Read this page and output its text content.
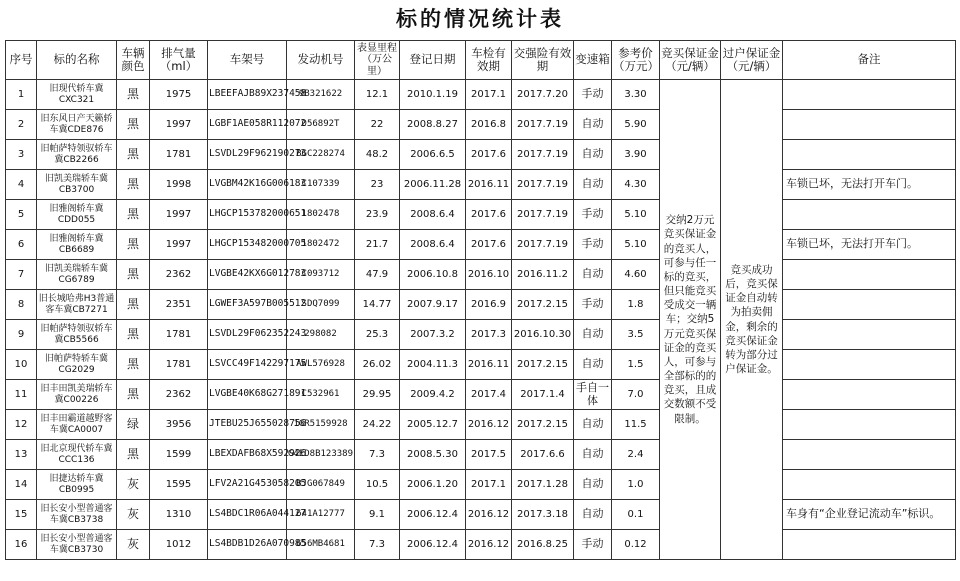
标的情况统计表
序号	标的名称	车辆颜色	排气量（ml）	车架号	发动机号	表显里程（万公里）	登记日期	车检有效期	交强险有效期	变速箱	参考价（万元）	竞买保证金（元/辆）	过户保证金（元/辆）	备注
1	旧现代轿车冀CXC321	黑	1975	LBEEFAJB89X237458	9B321622	12.1	2010.1.19	2017.1	2017.7.20	手动	3.30	交纳2万元竞买保证金的竞买人，可参与任一标的竞买，但只能竞买受成交一辆车；交纳5万元竞买保证金的竞买人，可参与全部标的的竞买，且成交数额不受限制。	竞买成功后，竞买保证金自动转为拍卖佣金，剩余的竞买保证金转为部分过户保证金。	
2	旧东风日产天籁轿车冀CDE876	黑	1997	LGBF1AE058R112072	056892T	22	2008.8.27	2016.8	2017.7.19	自动	5.90			
3	旧帕萨特领驭轿车冀CB2266	黑	1781	LSVDL29F962190273	BGC228274	48.2	2006.6.5	2017.6	2017.7.19	自动	3.90			
4	旧凯美瑞轿车冀CB3700	黑	1998	LVGBM42K16G006183	C107339	23	2006.11.28	2016.11	2017.7.19	自动	4.30			车锁已坏，无法打开车门。
5	旧雅阁轿车冀CDD055	黑	1997	LHGCP153782000651	1802478	23.9	2008.6.4	2017.6	2017.7.19	手动	5.10			
6	旧雅阁轿车冀CB6689	黑	1997	LHGCP153482000705	1802472	21.7	2008.6.4	2017.6	2017.7.19	手动	5.10			车锁已坏，无法打开车门。
7	旧凯美瑞轿车冀CG6789	黑	2362	LVGBE42KX6G012783	C093712	47.9	2006.10.8	2016.10	2016.11.2	自动	4.60			
8	旧长城哈弗H3普通客车冀CB7271	黑	2351	LGWEF3A597B005512	SDQ7099	14.77	2007.9.17	2016.9	2017.2.15	手动	1.8			
9	旧帕萨特领驭轿车冀CB5566	黑	1781	LSVDL29F062352243	298082	25.3	2007.3.2	2017.3	2016.10.30	自动	3.5			
10	旧帕萨特轿车冀CG2029	黑	1781	LSVCC49F142297175	AWL576928	26.02	2004.11.3	2016.11	2017.2.15	自动	1.5			
11	旧丰田凯美瑞轿车 冀C00226	黑	2362	LVGBE40K68G271891	C532961	29.95	2009.4.2	2017.4	2017.1.4	手自一体	7.0			
12	旧丰田霸道越野客车冀CA0007	绿	3956	JTEBU25J655028756	1GR5159928	24.22	2005.12.7	2016.12	2017.2.15	自动	11.5			
13	旧北京现代轿车冀CCC136	黑	1599	LBEXDAFB68X592926	G4ED8B123389	7.3	2008.5.30	2017.5	2017.6.6	自动	2.4			
14	旧捷达轿车冀CB0995	灰	1595	LFV2A21G453058205	BJG067849	10.5	2006.1.20	2017.1	2017.1.28	自动	1.0			
15	旧长安小型普通客车冀CB3738	灰	1310	LS4BDC1R06A044127	641A12777	9.1	2006.12.4	2016.12	2017.3.18	自动	0.1			车身有“企业登记流动车”标识。
16	旧长安小型普通客车冀CB3730	灰	1012	LS4BDB1D26A070985	656MB4681	7.3	2006.12.4	2016.12	2016.8.25	手动	0.12			
